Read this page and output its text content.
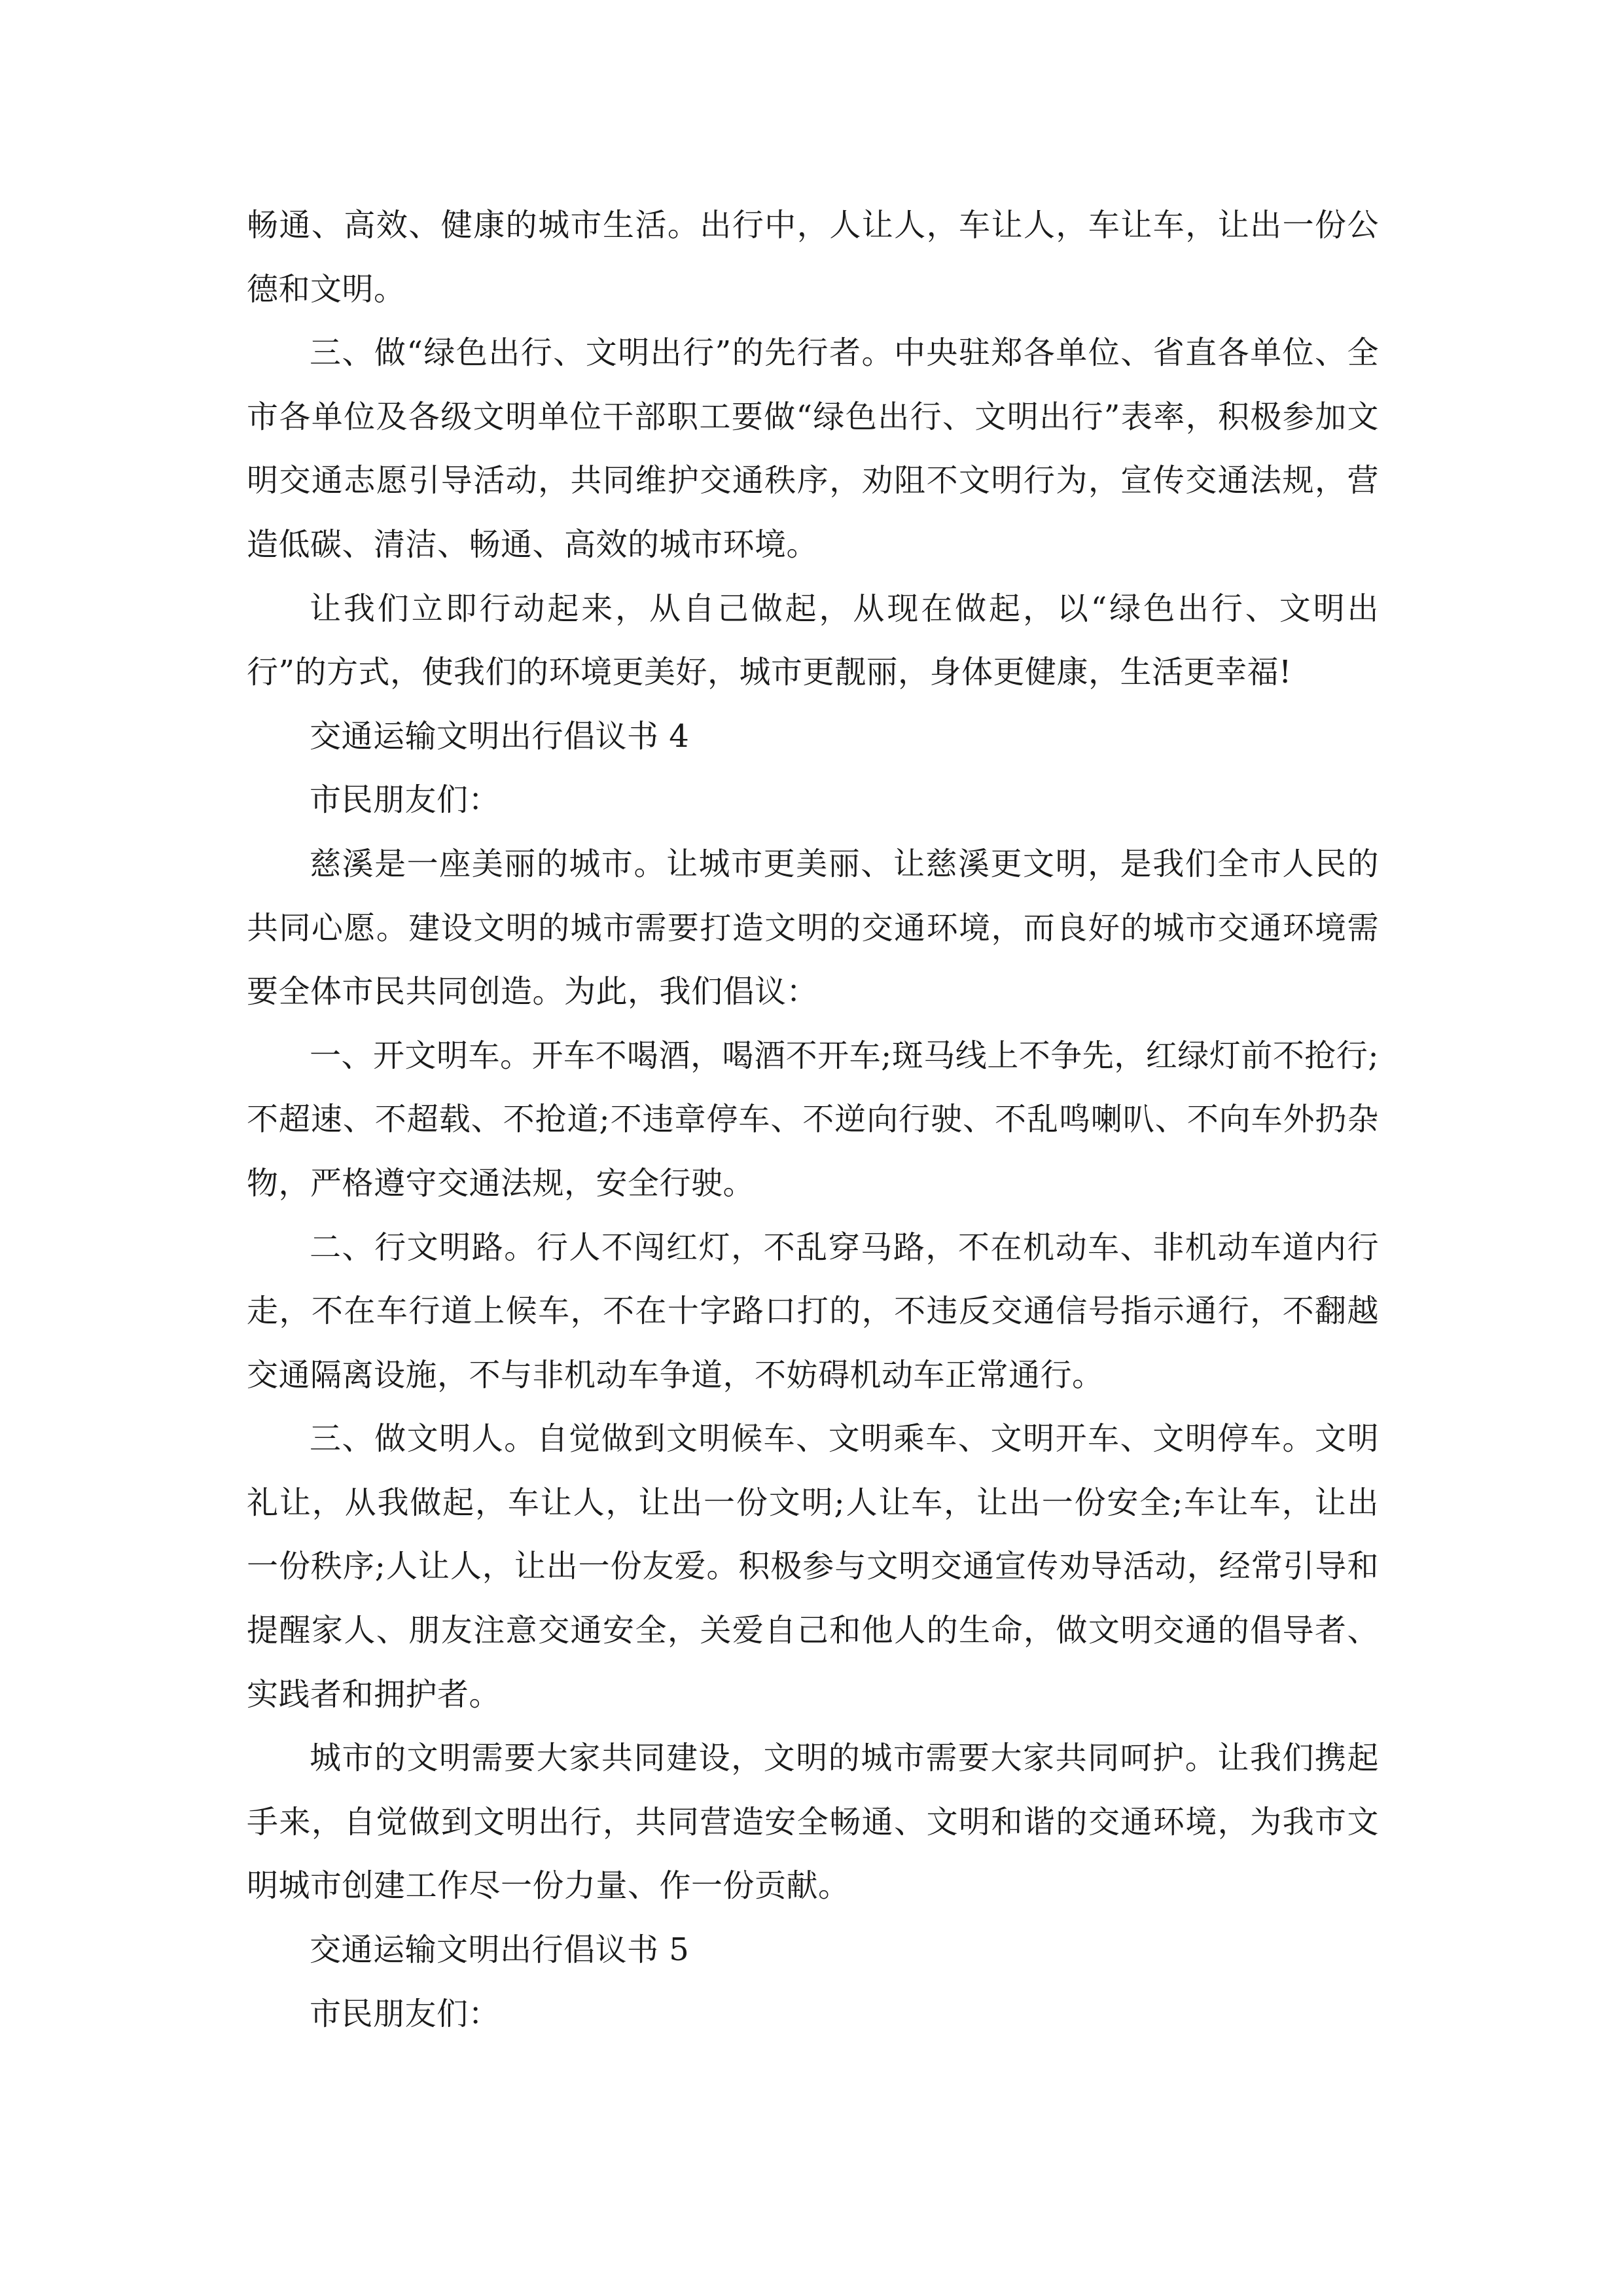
畅通、高效、健康的城市生活。出行中，人让人，车让人，车让车，让出一份公德和文明。

三、做“绿色出行、文明出行”的先行者。中央驻郑各单位、省直各单位、全市各单位及各级文明单位干部职工要做“绿色出行、文明出行”表率，积极参加文明交通志愿引导活动，共同维护交通秩序，劝阻不文明行为，宣传交通法规，营造低碳、清洁、畅通、高效的城市环境。

让我们立即行动起来，从自己做起，从现在做起，以“绿色出行、文明出行”的方式，使我们的环境更美好，城市更靓丽，身体更健康，生活更幸福!

交通运输文明出行倡议书 4

市民朋友们：

慈溪是一座美丽的城市。让城市更美丽、让慈溪更文明，是我们全市人民的共同心愿。建设文明的城市需要打造文明的交通环境，而良好的城市交通环境需要全体市民共同创造。为此，我们倡议：

一、开文明车。开车不喝酒，喝酒不开车;斑马线上不争先，红绿灯前不抢行;不超速、不超载、不抢道;不违章停车、不逆向行驶、不乱鸣喇叭、不向车外扔杂物，严格遵守交通法规，安全行驶。

二、行文明路。行人不闯红灯，不乱穿马路，不在机动车、非机动车道内行走，不在车行道上候车，不在十字路口打的，不违反交通信号指示通行，不翻越交通隔离设施，不与非机动车争道，不妨碍机动车正常通行。

三、做文明人。自觉做到文明候车、文明乘车、文明开车、文明停车。文明礼让，从我做起，车让人，让出一份文明;人让车，让出一份安全;车让车，让出一份秩序;人让人，让出一份友爱。积极参与文明交通宣传劝导活动，经常引导和提醒家人、朋友注意交通安全，关爱自己和他人的生命，做文明交通的倡导者、实践者和拥护者。

城市的文明需要大家共同建设，文明的城市需要大家共同呵护。让我们携起手来，自觉做到文明出行，共同营造安全畅通、文明和谐的交通环境，为我市文明城市创建工作尽一份力量、作一份贡献。

交通运输文明出行倡议书 5

市民朋友们：
